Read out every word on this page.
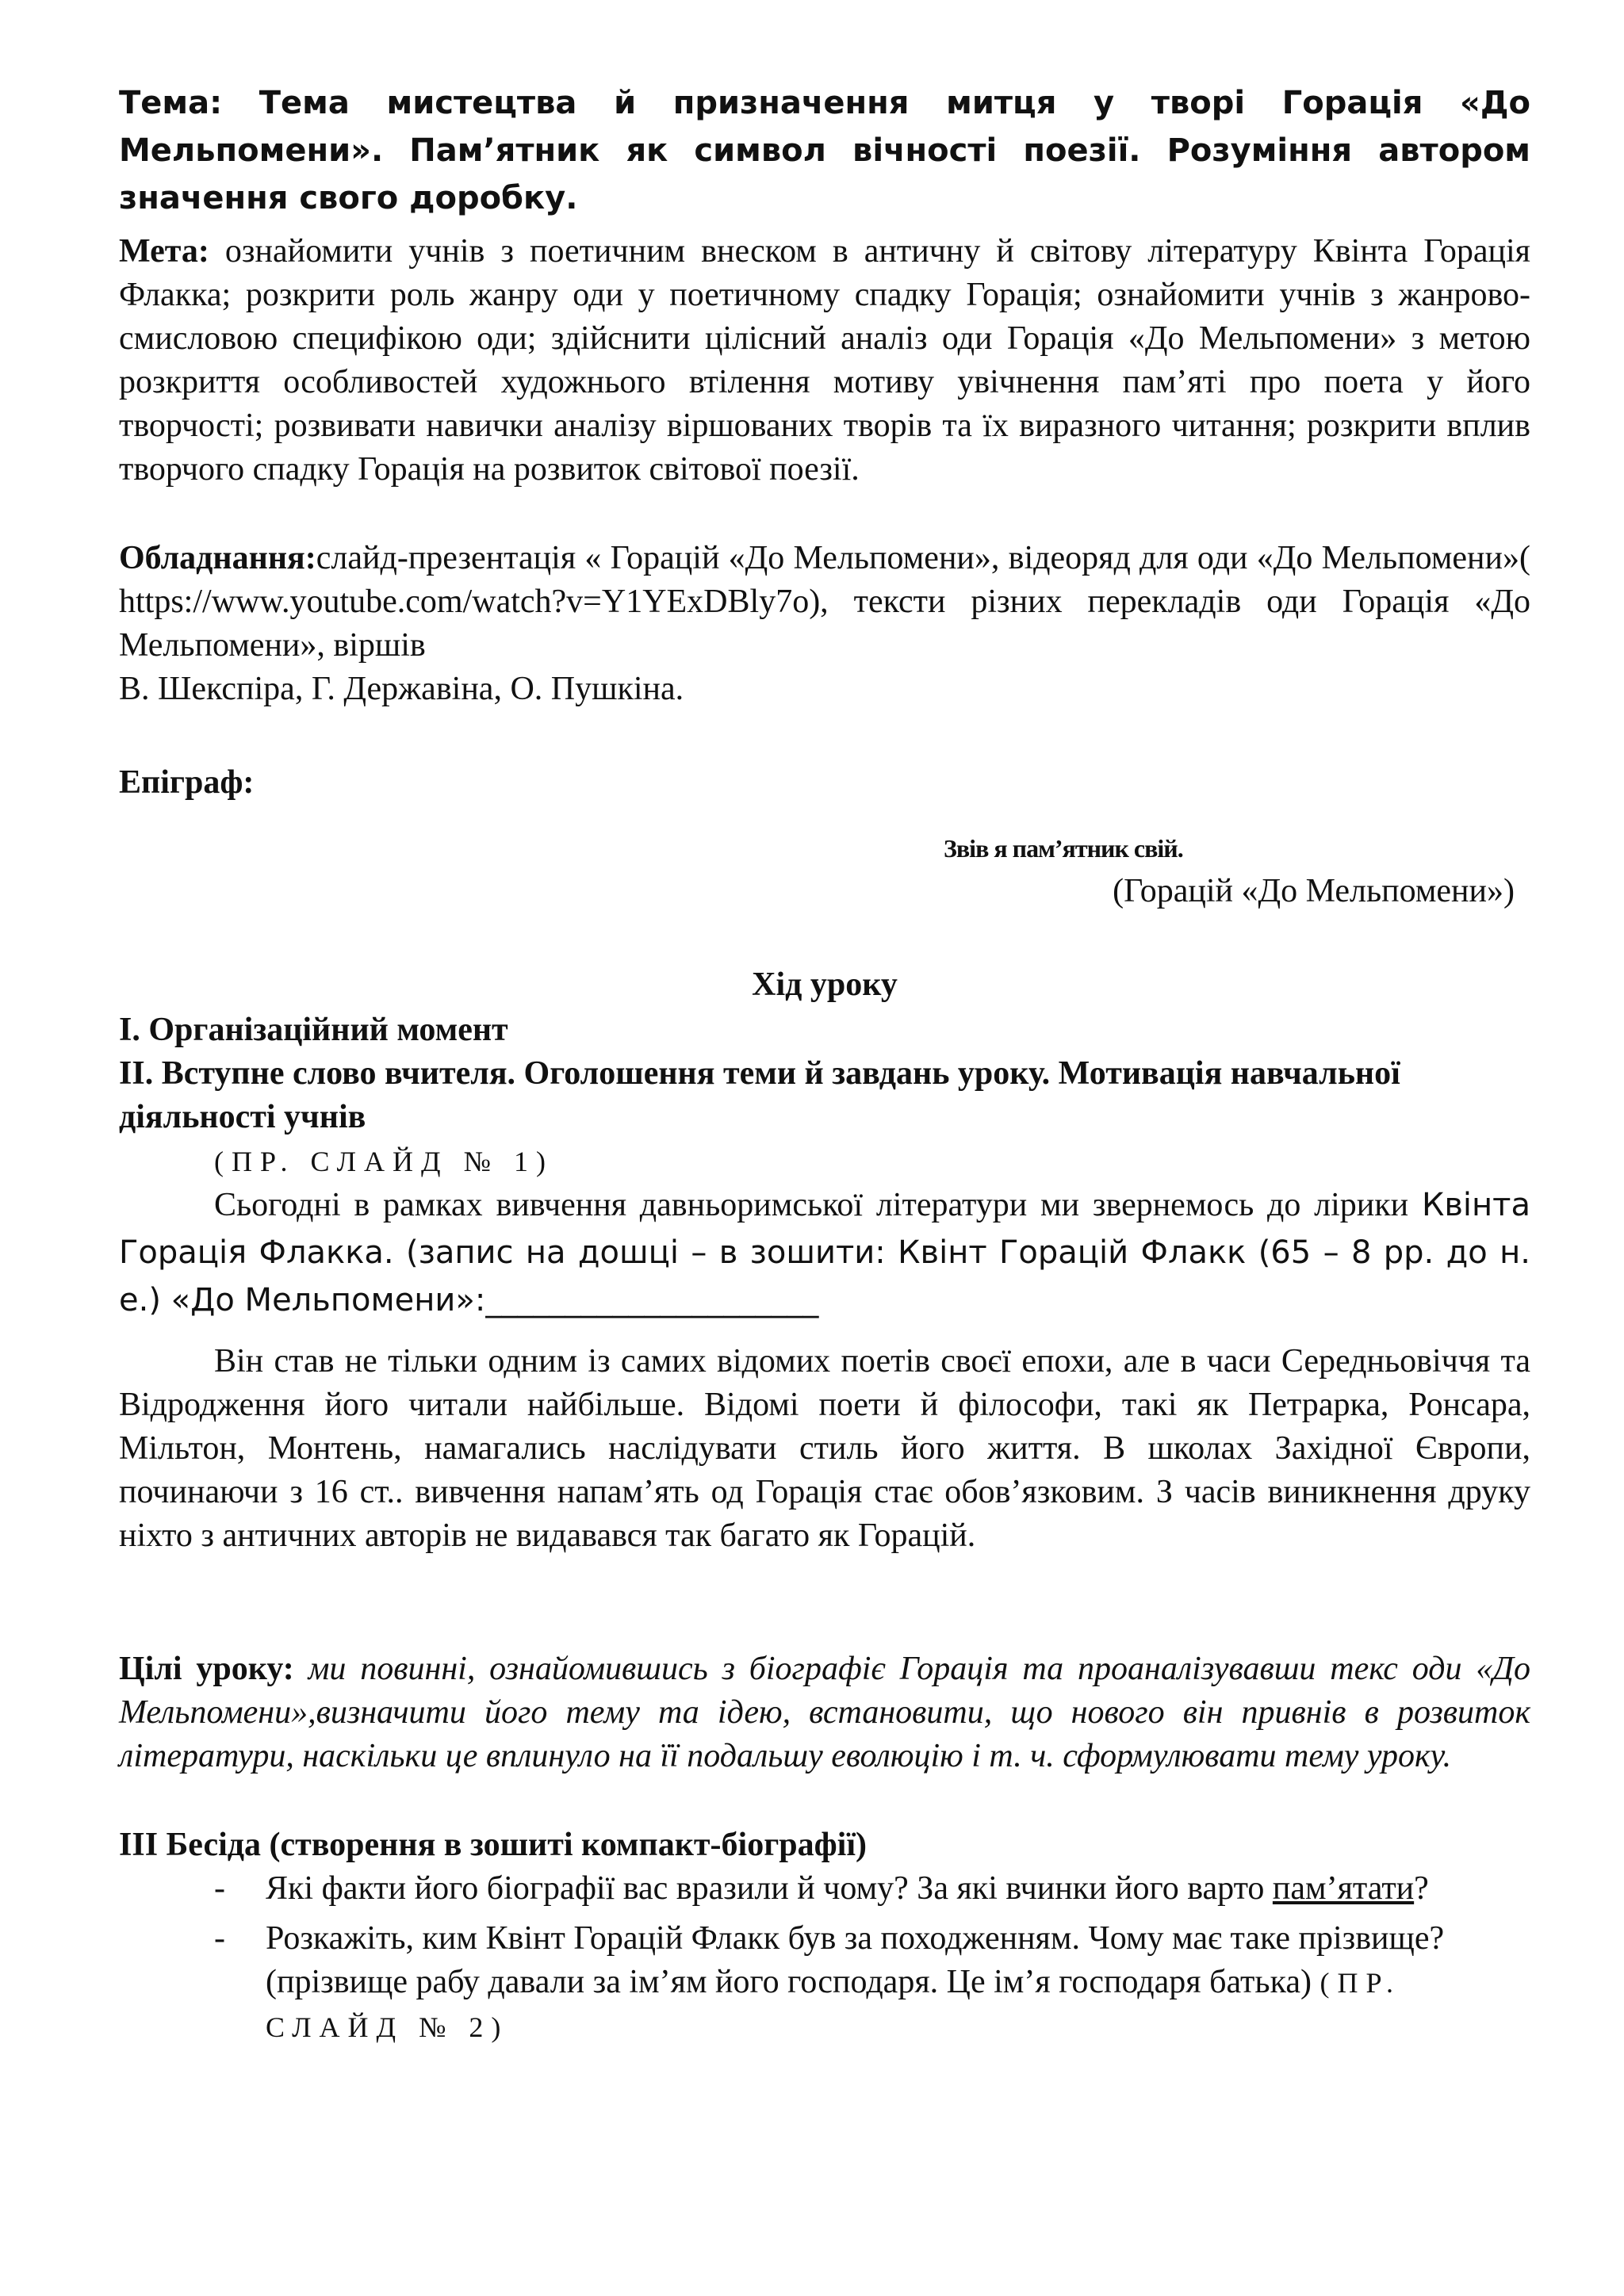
Тема: Тема мистецтва й призначення митця у творі Горація «До Мельпомени». Пам’ятник як символ вічності поезії. Розуміння автором значення свого доробку.
Мета: ознайомити учнів з поетичним внеском в античну й світову літературу Квінта Горація Флакка; розкрити роль жанру оди у поетичному спадку Горація; ознайомити учнів з жанрово-смисловою специфікою оди; здійснити цілісний аналіз оди Горація «До Мельпомени» з метою розкриття особливостей художнього втілення мотиву увічнення пам’яті про поета у його творчості; розвивати навички аналізу віршованих творів та їх виразного читання; розкрити вплив творчого спадку Горація на розвиток світової поезії.
Обладнання:слайд-презентація « Горацій «До Мельпомени», відеоряд для оди «До Мельпомени»( https://www.youtube.com/watch?v=Y1YExDBly7o), тексти різних перекладів оди Горація «До Мельпомени», віршів
В. Шекспіра, Г. Державіна, О. Пушкіна.
Епіграф:
Звів я пам’ятник свій.
(Горацій «До Мельпомени»)
Хід уроку
І. Організаційний момент
ІІ. Вступне слово вчителя. Оголошення теми й завдань уроку. Мотивація навчальної діяльності учнів
(ПР. СЛАЙД № 1)
Сьогодні в рамках вивчення давньоримської літератури ми звернемось до лірики Квінта Горація Флакка. (запис на дошці – в зошити: Квінт Горацій Флакк (65 – 8 рр. до н. е.) «До Мельпомени»:_____________________
Він став не тільки одним із самих відомих поетів своєї епохи, але в часи Середньовіччя та Відродження його читали найбільше. Відомі поети й філософи, такі як Петрарка, Ронсара, Мільтон, Монтень, намагались наслідувати стиль його життя. В школах Західної Європи, починаючи з 16 ст.. вивчення напам’ять од Горація стає обов’язковим. З часів виникнення друку ніхто з античних авторів не видавався так багато як Горацій.
Цілі уроку: ми повинні, ознайомившись з біографіє Горація та проаналізувавши текс оди «До Мельпомени»,визначити його тему та ідею, встановити, що нового він привнів в розвиток літератури, наскільки це вплинуло на її подальшу еволюцію і т. ч. сформулювати тему уроку.
ІІІ Бесіда (створення в зошиті компакт-біографії)
- Які факти його біографії вас вразили й чому? За які вчинки його варто пам’ятати?
- Розкажіть, ким Квінт Горацій Флакк був за походженням. Чому має таке прізвище? (прізвище рабу давали за ім’ям його господаря. Це ім’я господаря батька) (ПР. СЛАЙД № 2)
